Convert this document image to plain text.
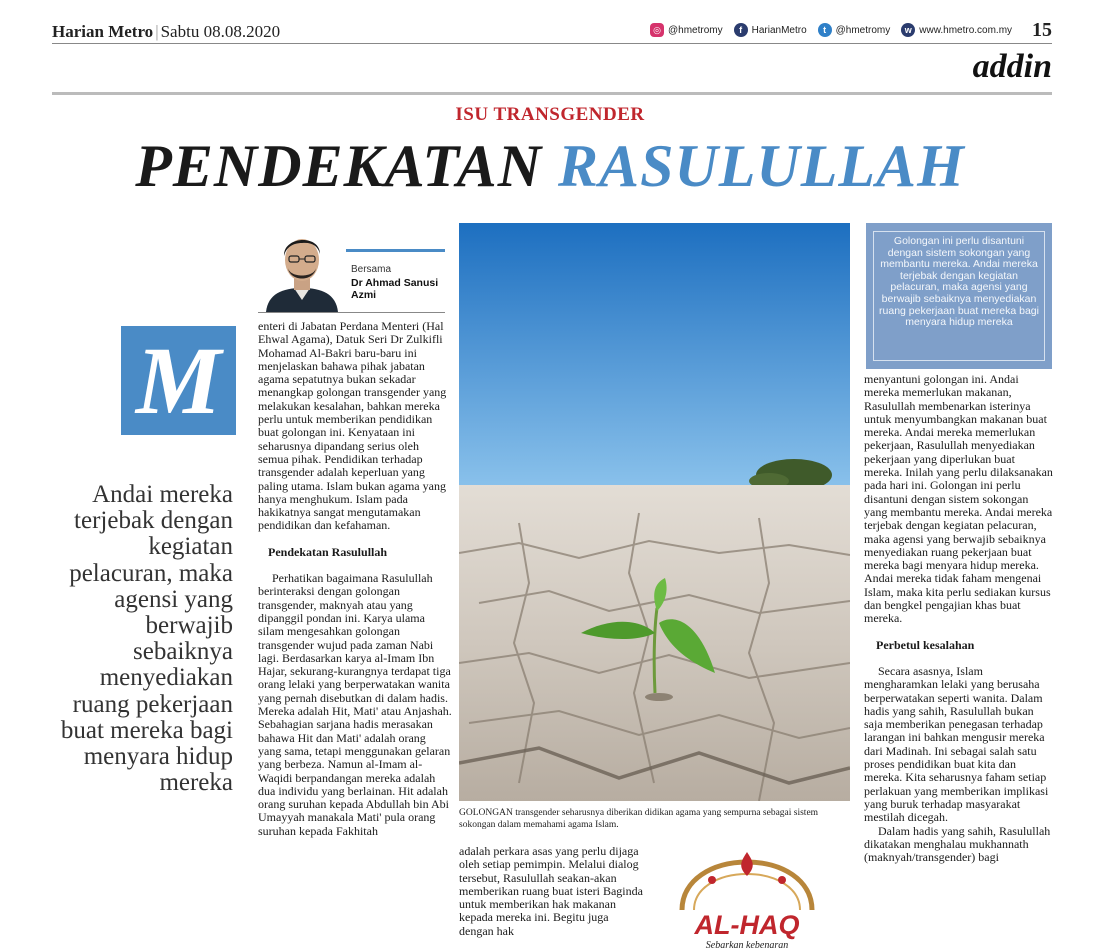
Harian Metro | Sabtu 08.08.2020	◎ @hmetromy	f HarianMetro	t @hmetromy	w www.hmetro.com.my 15
addin
ISU TRANSGENDER
PENDEKATAN RASULULLAH
Bersama
Dr Ahmad Sanusi Azmi
M
Andai mereka terjebak dengan kegiatan pelacuran, maka agensi yang berwajib sebaiknya menyediakan ruang pekerjaan buat mereka bagi menyara hidup mereka

enteri di Jabatan Perdana Menteri (Hal Ehwal Agama), Datuk Seri Dr Zulkifli Mohamad Al-Bakri baru-baru ini menjelaskan bahawa pihak jabatan agama sepatutnya bukan sekadar menangkap golongan transgender yang melakukan kesalahan, bahkan mereka perlu untuk memberikan pendidikan buat golongan ini. Kenyataan ini seharusnya dipandang serius oleh semua pihak. Pendidikan terhadap transgender adalah keperluan yang paling utama. Islam bukan agama yang hanya menghukum. Islam pada hakikatnya sangat mengutamakan pendidikan dan kefahaman.

Pendekatan Rasulullah

Perhatikan bagaimana Rasulullah berinteraksi dengan golongan transgender, maknyah atau yang dipanggil pondan ini. Karya ulama silam mengesahkan golongan transgender wujud pada zaman Nabi lagi. Berdasarkan karya al-Imam Ibn Hajar, sekurang-kurangnya terdapat tiga orang lelaki yang berperwatakan wanita yang pernah disebutkan di dalam hadis. Mereka adalah Hit, Mati' atau Anjashah. Sebahagian sarjana hadis merasakan bahawa Hit dan Mati' adalah orang yang sama, tetapi menggunakan gelaran yang berbeza. Namun al-Imam al-Waqidi berpandangan mereka adalah dua individu yang berlainan. Hit adalah orang suruhan kepada Abdullah bin Abi Umayyah manakala Mati' pula orang suruhan kepada Fakhitah

GOLONGAN transgender seharusnya diberikan didikan agama yang sempurna sebagai sistem sokongan dalam memahami agama Islam.

adalah perkara asas yang perlu dijaga oleh setiap pemimpin. Melalui dialog tersebut, Rasulullah seakan-akan memberikan ruang buat isteri Baginda untuk memberikan hak makanan kepada mereka ini. Begitu juga dengan hak	AL-HAQ
Sebarkan kebenaran
Golongan ini perlu disantuni dengan sistem sokongan yang membantu mereka. Andai mereka terjebak dengan kegiatan pelacuran, maka agensi yang berwajib sebaiknya menyediakan ruang pekerjaan buat mereka bagi menyara hidup mereka

menyantuni golongan ini. Andai mereka memerlukan makanan, Rasulullah membenarkan isterinya untuk menyumbangkan makanan buat mereka. Andai mereka memerlukan pekerjaan, Rasulullah menyediakan pekerjaan yang diperlukan buat mereka. Inilah yang perlu dilaksanakan pada hari ini. Golongan ini perlu disantuni dengan sistem sokongan yang membantu mereka. Andai mereka terjebak dengan kegiatan pelacuran, maka agensi yang berwajib sebaiknya menyediakan ruang pekerjaan buat mereka bagi menyara hidup mereka. Andai mereka tidak faham mengenai Islam, maka kita perlu sediakan kursus dan bengkel pengajian khas buat mereka.

Perbetul kesalahan

Secara asasnya, Islam mengharamkan lelaki yang berusaha berperwatakan seperti wanita. Dalam hadis yang sahih, Rasulullah bukan saja memberikan penegasan terhadap larangan ini bahkan mengusir mereka dari Madinah. Ini sebagai salah satu proses pendidikan buat kita dan mereka. Kita seharusnya faham setiap perlakuan yang memberikan implikasi yang buruk terhadap masyarakat mestilah dicegah.

Dalam hadis yang sahih, Rasulullah dikatakan menghalau mukhannath (maknyah/transgender) bagi
